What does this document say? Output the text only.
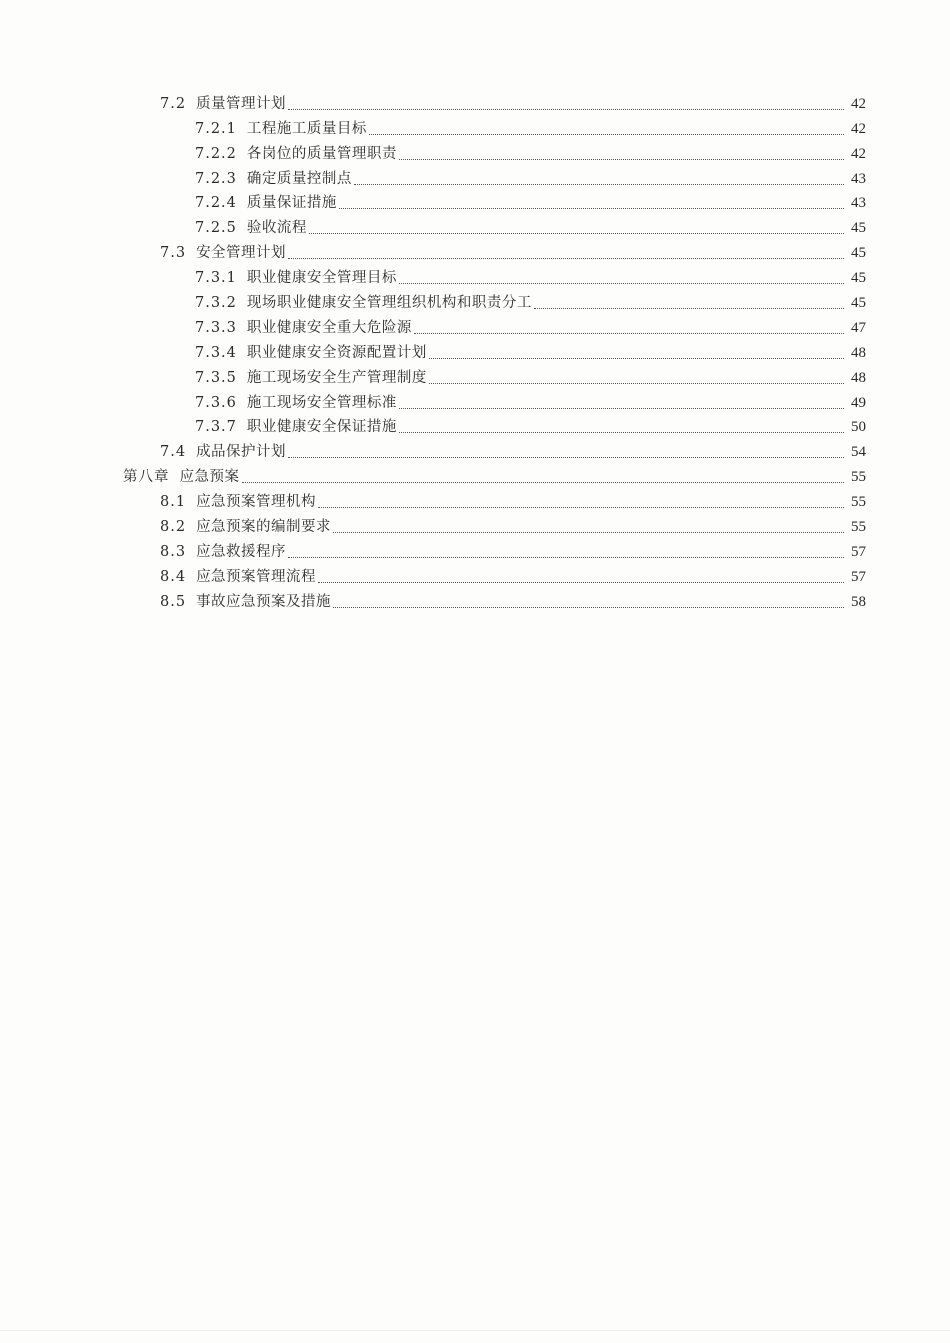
7.2 质量管理计划	42
7.2.1 工程施工质量目标	42
7.2.2 各岗位的质量管理职责	42
7.2.3 确定质量控制点	43
7.2.4 质量保证措施	43
7.2.5 验收流程	45
7.3 安全管理计划	45
7.3.1 职业健康安全管理目标	45
7.3.2 现场职业健康安全管理组织机构和职责分工	45
7.3.3 职业健康安全重大危险源	47
7.3.4 职业健康安全资源配置计划	48
7.3.5 施工现场安全生产管理制度	48
7.3.6 施工现场安全管理标准	49
7.3.7 职业健康安全保证措施	50
7.4 成品保护计划	54
第八章 应急预案	55
8.1 应急预案管理机构	55
8.2 应急预案的编制要求	55
8.3 应急救援程序	57
8.4 应急预案管理流程	57
8.5 事故应急预案及措施	58
